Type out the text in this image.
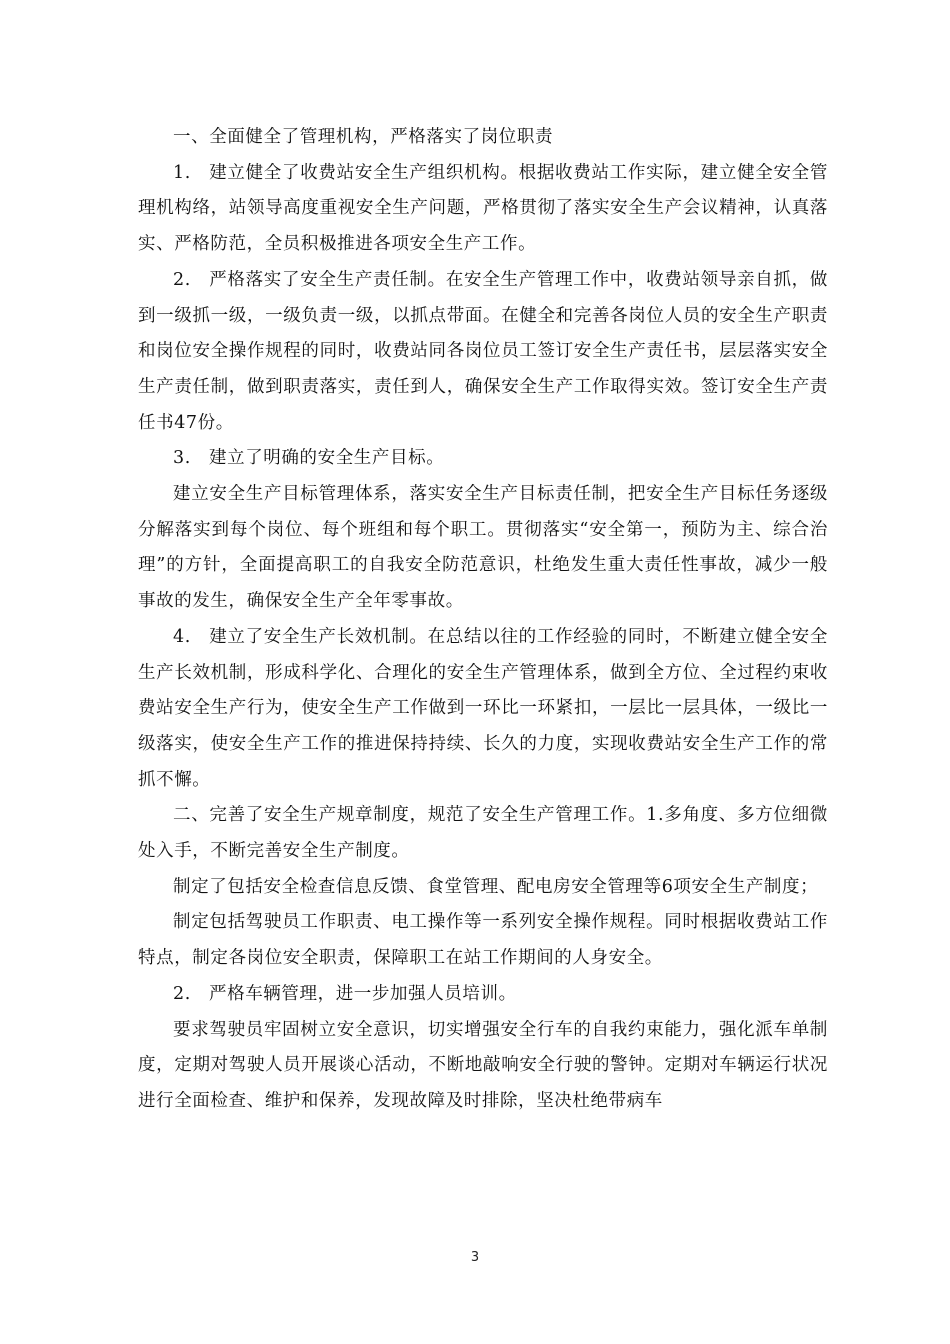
一、全面健全了管理机构，严格落实了岗位职责

1.　建立健全了收费站安全生产组织机构。根据收费站工作实际，建立健全安全管理机构络，站领导高度重视安全生产问题，严格贯彻了落实安全生产会议精神，认真落实、严格防范，全员积极推进各项安全生产工作。

2.　严格落实了安全生产责任制。在安全生产管理工作中，收费站领导亲自抓，做到一级抓一级，一级负责一级，以抓点带面。在健全和完善各岗位人员的安全生产职责和岗位安全操作规程的同时，收费站同各岗位员工签订安全生产责任书，层层落实安全生产责任制，做到职责落实，责任到人，确保安全生产工作取得实效。签订安全生产责任书47份。

3.　建立了明确的安全生产目标。

建立安全生产目标管理体系，落实安全生产目标责任制，把安全生产目标任务逐级分解落实到每个岗位、每个班组和每个职工。贯彻落实“安全第一，预防为主、综合治理”的方针，全面提高职工的自我安全防范意识，杜绝发生重大责任性事故，减少一般事故的发生，确保安全生产全年零事故。

4.　建立了安全生产长效机制。在总结以往的工作经验的同时，不断建立健全安全生产长效机制，形成科学化、合理化的安全生产管理体系，做到全方位、全过程约束收费站安全生产行为，使安全生产工作做到一环比一环紧扣，一层比一层具体，一级比一级落实，使安全生产工作的推进保持持续、长久的力度，实现收费站安全生产工作的常抓不懈。

二、完善了安全生产规章制度，规范了安全生产管理工作。1.多角度、多方位细微处入手，不断完善安全生产制度。

制定了包括安全检查信息反馈、食堂管理、配电房安全管理等6项安全生产制度；

制定包括驾驶员工作职责、电工操作等一系列安全操作规程。同时根据收费站工作特点，制定各岗位安全职责，保障职工在站工作期间的人身安全。

2.　严格车辆管理，进一步加强人员培训。

要求驾驶员牢固树立安全意识，切实增强安全行车的自我约束能力，强化派车单制度，定期对驾驶人员开展谈心活动，不断地敲响安全行驶的警钟。定期对车辆运行状况进行全面检查、维护和保养，发现故障及时排除，坚决杜绝带病车

3
